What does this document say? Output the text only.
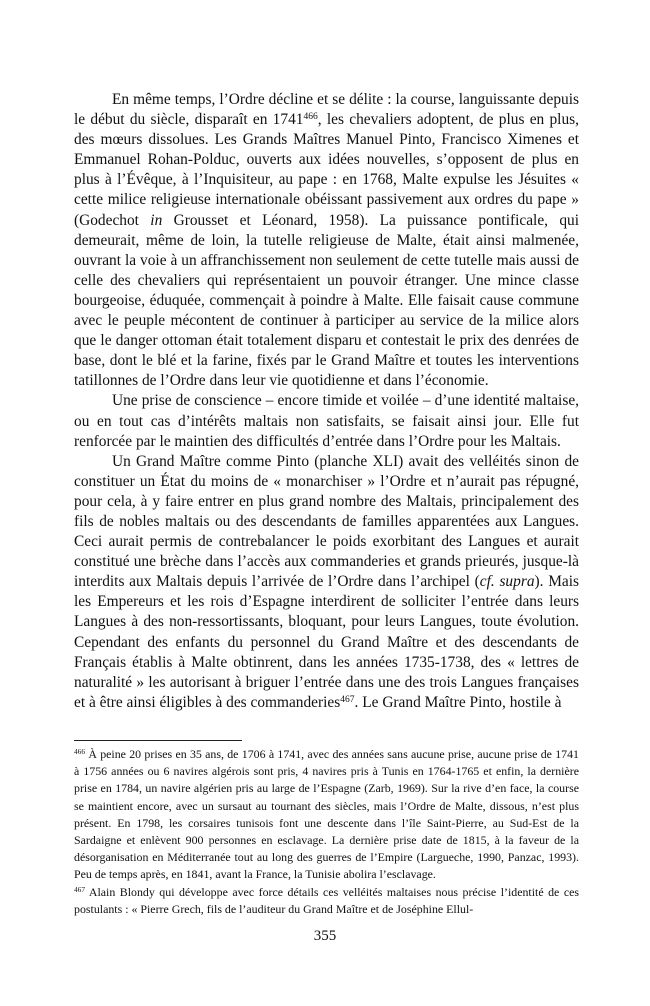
En même temps, l’Ordre décline et se délite : la course, languissante depuis le début du siècle, disparaît en 1741$^{466}$, les chevaliers adoptent, de plus en plus, des mœurs dissolues. Les Grands Maîtres Manuel Pinto, Francisco Ximenes et Emmanuel Rohan-Polduc, ouverts aux idées nouvelles, s’opposent de plus en plus à l’Évêque, à l’Inquisiteur, au pape : en 1768, Malte expulse les Jésuites « cette milice religieuse internationale obéissant passivement aux ordres du pape » (Godechot in Grousset et Léonard, 1958). La puissance pontificale, qui demeurait, même de loin, la tutelle religieuse de Malte, était ainsi malmenée, ouvrant la voie à un affranchissement non seulement de cette tutelle mais aussi de celle des chevaliers qui représentaient un pouvoir étranger. Une mince classe bourgeoise, éduquée, commençait à poindre à Malte. Elle faisait cause commune avec le peuple mécontent de continuer à participer au service de la milice alors que le danger ottoman était totalement disparu et contestait le prix des denrées de base, dont le blé et la farine, fixés par le Grand Maître et toutes les interventions tatillonnes de l’Ordre dans leur vie quotidienne et dans l’économie.

Une prise de conscience – encore timide et voilée – d’une identité maltaise, ou en tout cas d’intérêts maltais non satisfaits, se faisait ainsi jour. Elle fut renforcée par le maintien des difficultés d’entrée dans l’Ordre pour les Maltais.

Un Grand Maître comme Pinto (planche XLI) avait des velléités sinon de constituer un État du moins de « monarchiser » l’Ordre et n’aurait pas répugné, pour cela, à y faire entrer en plus grand nombre des Maltais, principalement des fils de nobles maltais ou des descendants de familles apparentées aux Langues. Ceci aurait permis de contrebalancer le poids exorbitant des Langues et aurait constitué une brèche dans l’accès aux commanderies et grands prieurés, jusque-là interdits aux Maltais depuis l’arrivée de l’Ordre dans l’archipel (cf. supra). Mais les Empereurs et les rois d’Espagne interdirent de solliciter l’entrée dans leurs Langues à des non-ressortissants, bloquant, pour leurs Langues, toute évolution. Cependant des enfants du personnel du Grand Maître et des descendants de Français établis à Malte obtinrent, dans les années 1735-1738, des « lettres de naturalité » les autorisant à briguer l’entrée dans une des trois Langues françaises et à être ainsi éligibles à des commanderies$^{467}$. Le Grand Maître Pinto, hostile à

$^{466}$ À peine 20 prises en 35 ans, de 1706 à 1741, avec des années sans aucune prise, aucune prise de 1741 à 1756 années ou 6 navires algérois sont pris, 4 navires pris à Tunis en 1764-1765 et enfin, la dernière prise en 1784, un navire algérien pris au large de l’Espagne (Zarb, 1969). Sur la rive d’en face, la course se maintient encore, avec un sursaut au tournant des siècles, mais l’Ordre de Malte, dissous, n’est plus présent. En 1798, les corsaires tunisois font une descente dans l’île Saint-Pierre, au Sud-Est de la Sardaigne et enlèvent 900 personnes en esclavage. La dernière prise date de 1815, à la faveur de la désorganisation en Méditerranée tout au long des guerres de l’Empire (Largueche, 1990, Panzac, 1993). Peu de temps après, en 1841, avant la France, la Tunisie abolira l’esclavage.

$^{467}$ Alain Blondy qui développe avec force détails ces velléités maltaises nous précise l’identité de ces postulants : « Pierre Grech, fils de l’auditeur du Grand Maître et de Joséphine Ellul-

355
